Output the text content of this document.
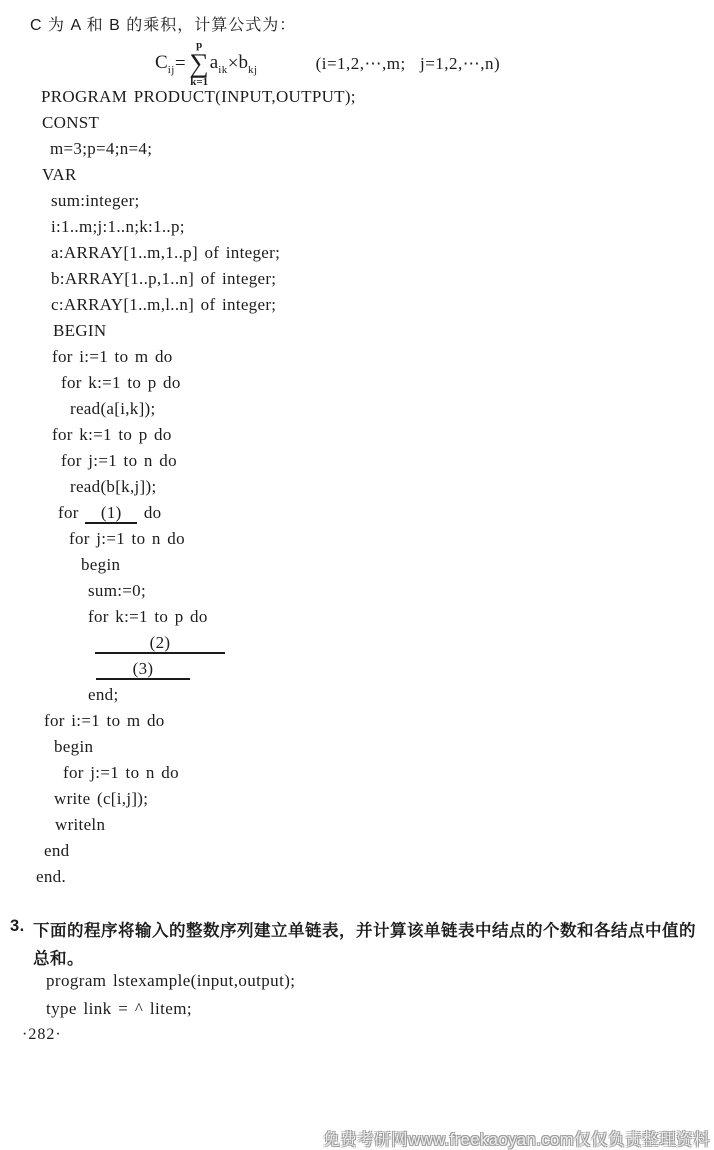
C 为 A 和 B 的乘积，计算公式为：
$C_{ij}$ =
p
∑
k=1
$a_{ik} \times b_{kj}$	(i=1,2,⋯,m;   j=1,2,⋯,n)
PROGRAM PRODUCT(INPUT,OUTPUT);
CONST
m=3;p=4;n=4;
VAR
sum:integer;
i:1..m;j:1..n;k:1..p;
a:ARRAY[1..m,1..p] of integer;
b:ARRAY[1..p,1..n] of integer;
c:ARRAY[1..m,l..n] of integer;
BEGIN
for i:=1 to m do
for k:=1 to p do
read(a[i,k]);
for k:=1 to p do
for j:=1 to n do
read(b[k,j]);
for (1) do
for j:=1 to n do
begin
sum:=0;
for k:=1 to p do
(2)
(3)
end;
for i:=1 to m do
begin
for j:=1 to n do
write (c[i,j]);
writeln
end
end.
3. 下面的程序将输入的整数序列建立单链表，并计算该单链表中结点的个数和各结点中值的
总和。
program lstexample(input,output);
type link = ^ litem;
·282·
免费考研网www.freekaoyan.com仅仅负责整理资料
